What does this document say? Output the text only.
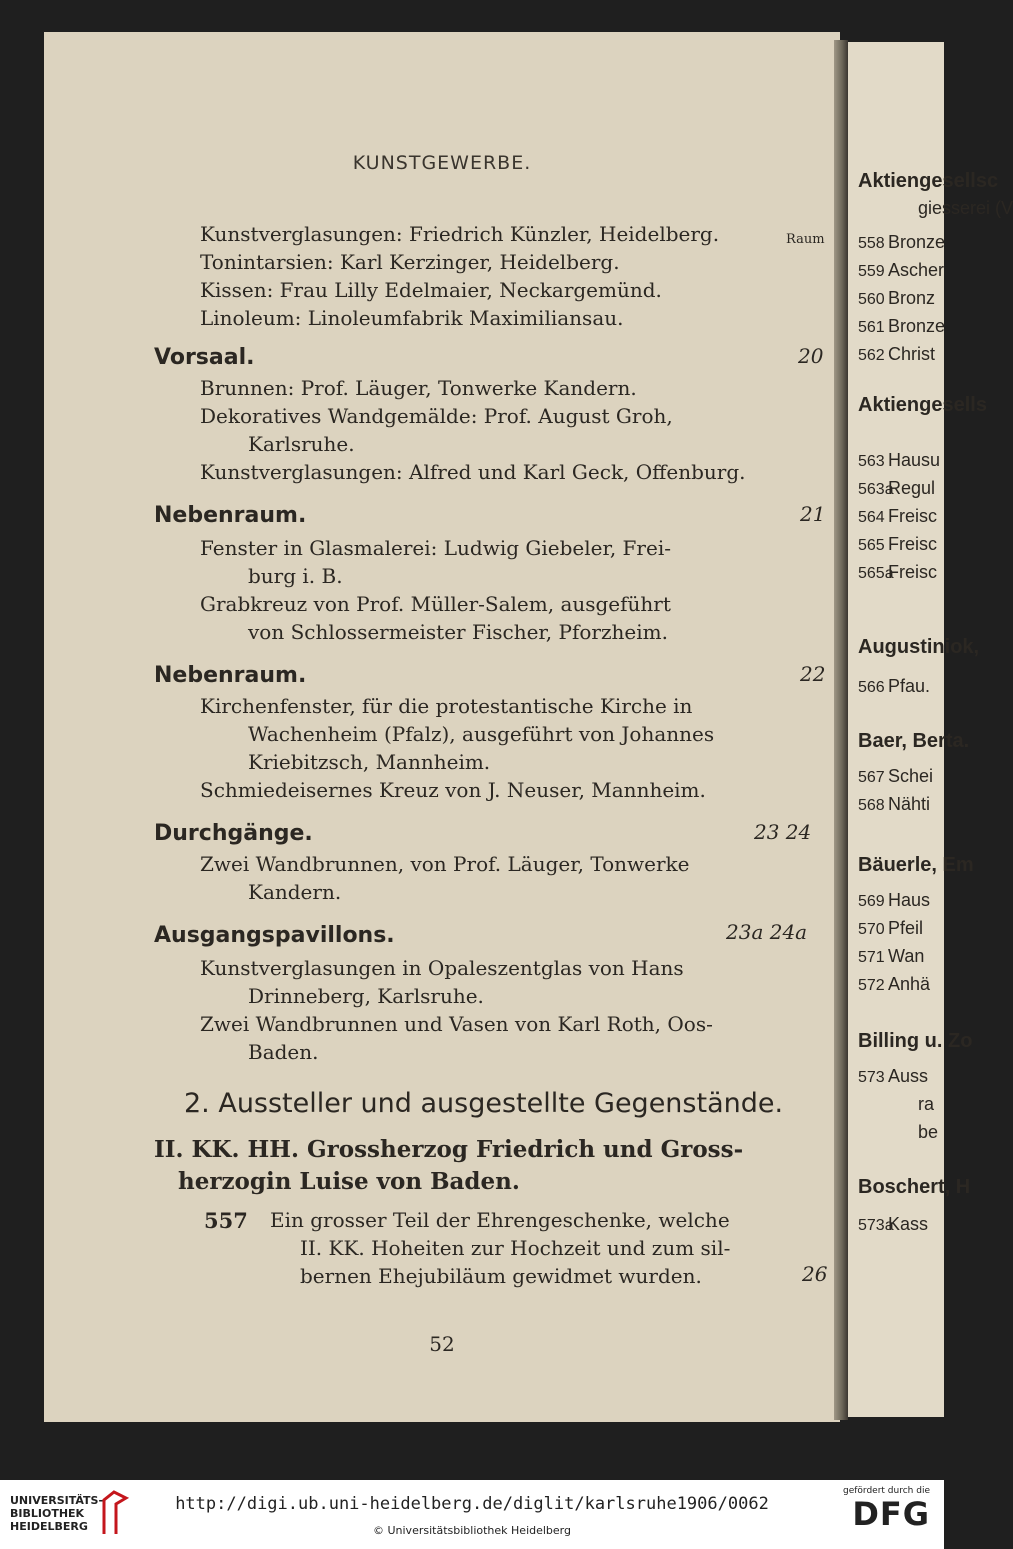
KUNSTGEWERBE.
Raum
Kunstverglasungen: Friedrich Künzler, Heidelberg.
Tonintarsien: Karl Kerzinger, Heidelberg.
Kissen: Frau Lilly Edelmaier, Neckargemünd.
Linoleum: Linoleumfabrik Maximiliansau.
Vorsaal.	20
Brunnen: Prof. Läuger, Tonwerke Kandern.
Dekoratives Wandgemälde: Prof. August Groh,
Karlsruhe.
Kunstverglasungen: Alfred und Karl Geck, Offenburg.
Nebenraum.	21
Fenster in Glasmalerei: Ludwig Giebeler, Frei-
burg i. B.
Grabkreuz von Prof. Müller-Salem, ausgeführt
von Schlossermeister Fischer, Pforzheim.
Nebenraum.	22
Kirchenfenster, für die protestantische Kirche in
Wachenheim (Pfalz), ausgeführt von Johannes
Kriebitzsch, Mannheim.
Schmiedeisernes Kreuz von J. Neuser, Mannheim.
Durchgänge.	23 24
Zwei Wandbrunnen, von Prof. Läuger, Tonwerke
Kandern.
Ausgangspavillons.	23a 24a
Kunstverglasungen in Opaleszentglas von Hans
Drinneberg, Karlsruhe.
Zwei Wandbrunnen und Vasen von Karl Roth, Oos-
Baden.
2. Aussteller und ausgestellte Gegenstände.
II. KK. HH. Grossherzog Friedrich und Gross-
herzogin Luise von Baden.
557 Ein grosser Teil der Ehrengeschenke, welche
II. KK. Hoheiten zur Hochzeit und zum sil-
bernen Ehejubiläum gewidmet wurden.	26
52
Aktiengesellsc
giesserei (V
558 Bronze
559 Ascher
560 Bronz
561 Bronze
562 Christ
Aktiengesells
563 Hausu
563aRegul
564 Freisc
565 Freisc
565aFreisc
Augustiniok,
566 Pfau.
Baer, Berta.
567 Schei
568 Nähti
Bäuerle, Em
569 Haus
570 Pfeil
571 Wan
572 Anhä
Billing u. Zo
573 Auss
ra
be
Boschert, H
573aKass
UNIVERSITÄTS-
BIBLIOTHEK
HEIDELBERG
http://digi.ub.uni-heidelberg.de/diglit/karlsruhe1906/0062
© Universitätsbibliothek Heidelberg
gefördert durch die
DFG
